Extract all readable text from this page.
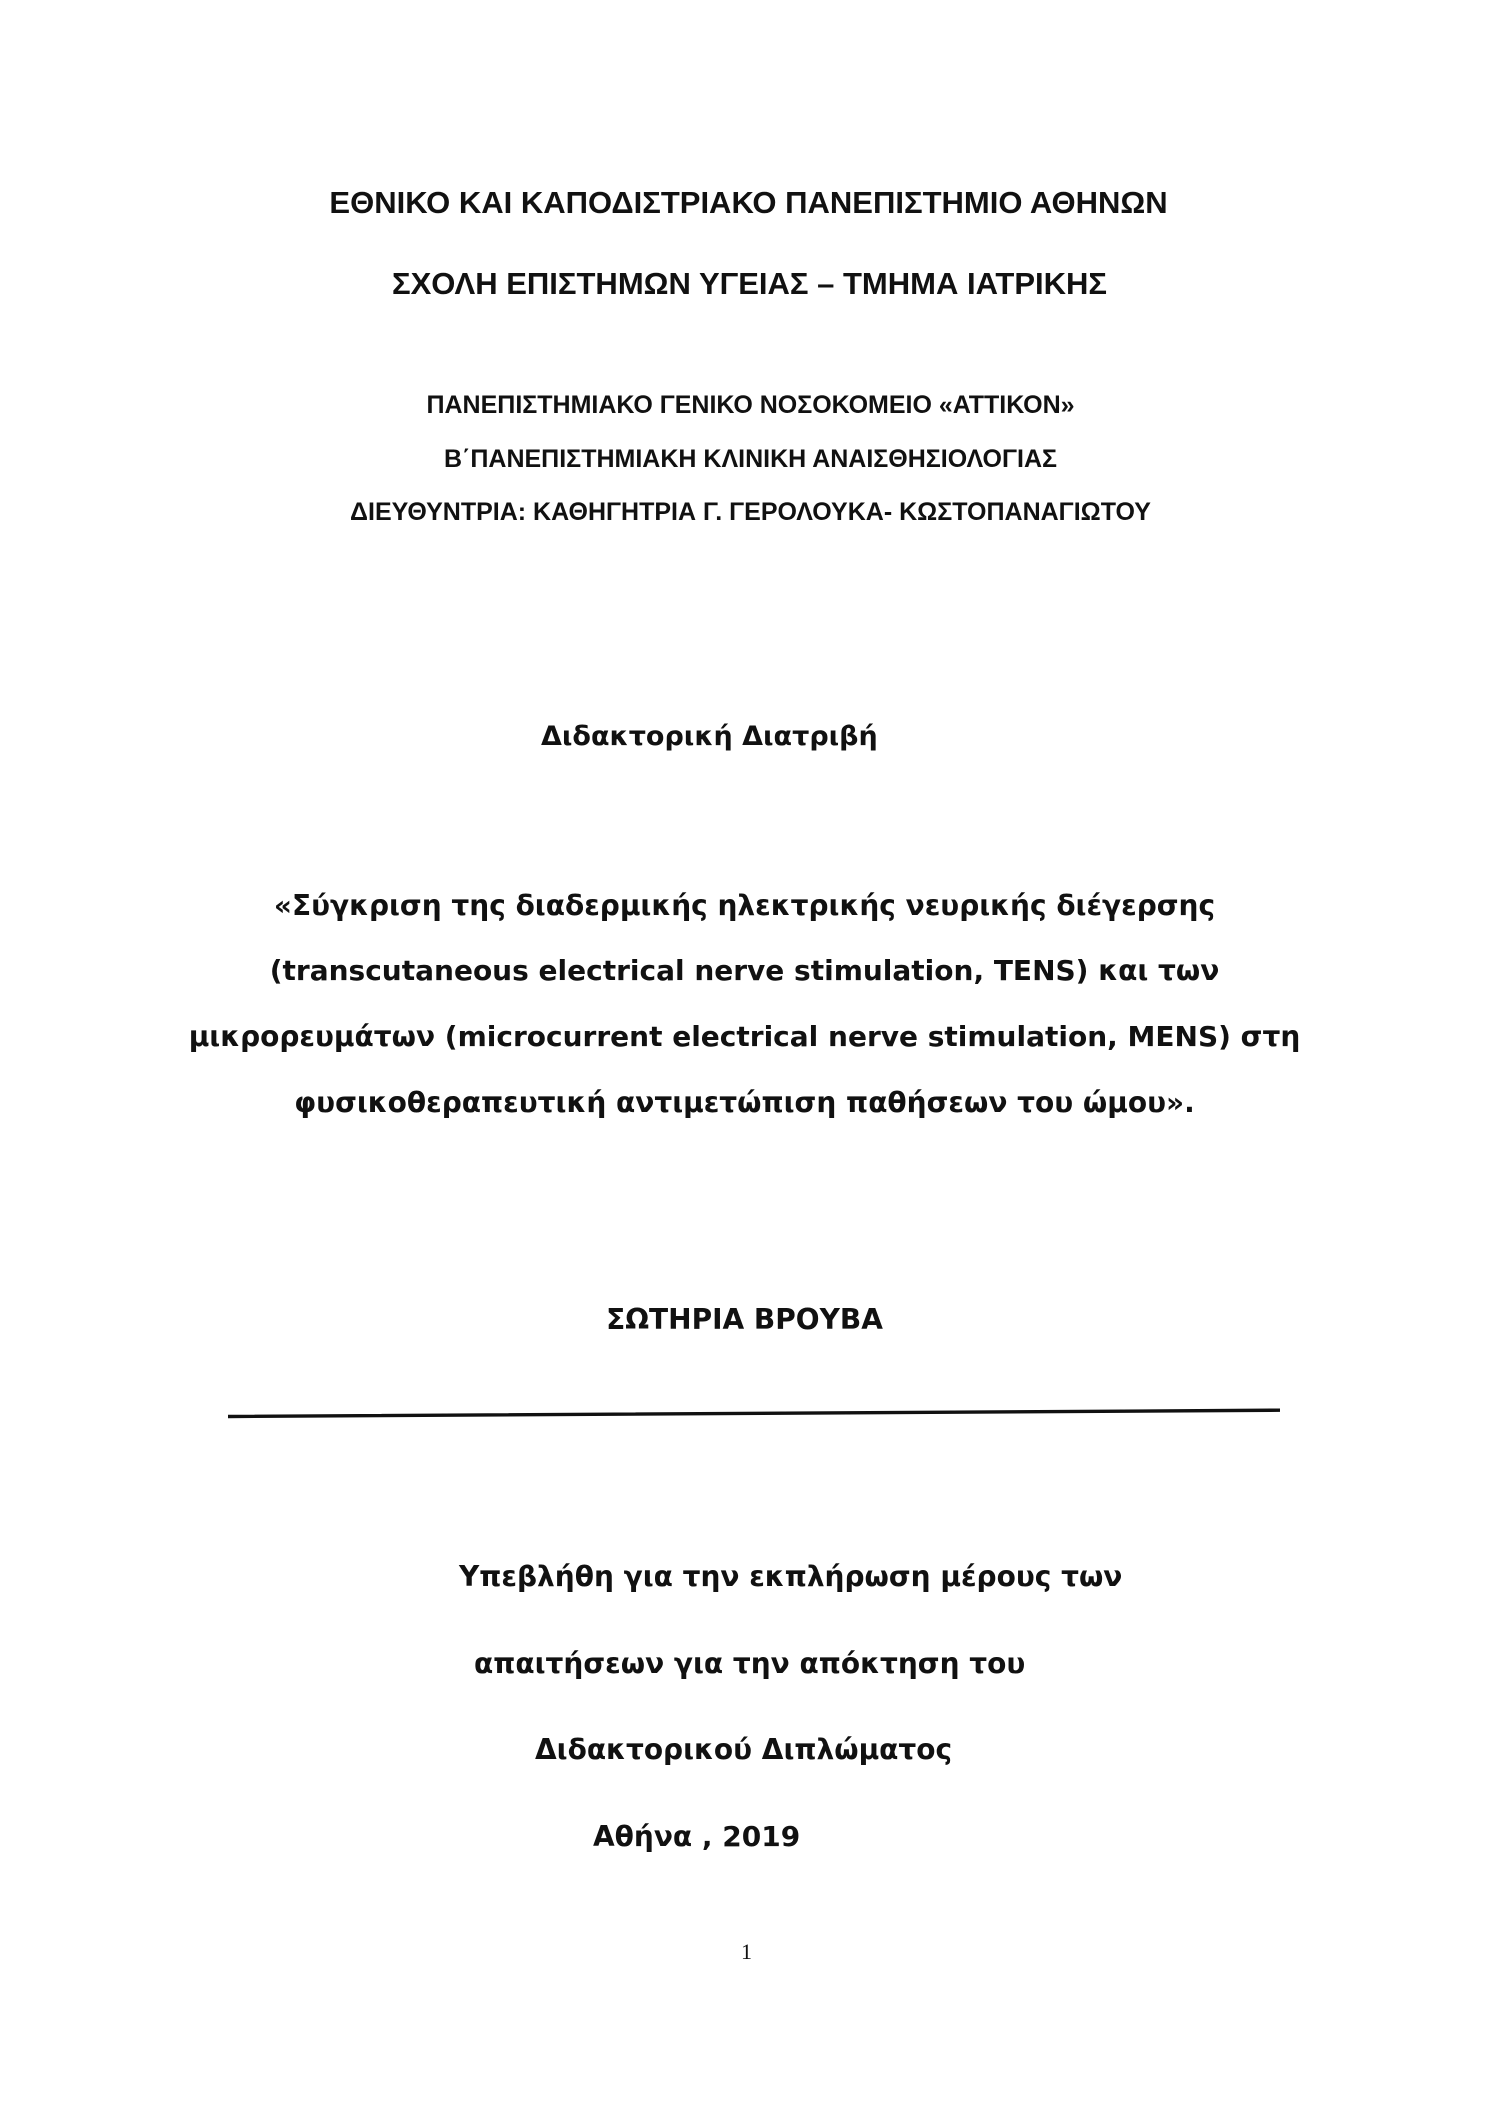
ΕΘΝΙΚΟ ΚΑΙ ΚΑΠΟΔΙΣΤΡΙΑΚΟ ΠΑΝΕΠΙΣΤΗΜΙΟ ΑΘΗΝΩΝ
ΣΧΟΛΗ ΕΠΙΣΤΗΜΩΝ ΥΓΕΙΑΣ – ΤΜΗΜΑ ΙΑΤΡΙΚΗΣ
ΠΑΝΕΠΙΣΤΗΜΙΑΚΟ ΓΕΝΙΚΟ ΝΟΣΟΚΟΜΕΙΟ «ΑΤΤΙΚΟΝ»
Β΄ΠΑΝΕΠΙΣΤΗΜΙΑΚΗ ΚΛΙΝΙΚΗ ΑΝΑΙΣΘΗΣΙΟΛΟΓΙΑΣ
ΔΙΕΥΘΥΝΤΡΙΑ: ΚΑΘΗΓΗΤΡΙΑ Γ. ΓΕΡΟΛΟΥΚΑ- ΚΩΣΤΟΠΑΝΑΓΙΩΤΟΥ
Διδακτορική Διατριβή
«Σύγκριση της διαδερμικής ηλεκτρικής νευρικής διέγερσης
(transcutaneous electrical nerve stimulation, TENS) και των
μικρορευμάτων (microcurrent electrical nerve stimulation, MENS) στη
φυσικοθεραπευτική αντιμετώπιση παθήσεων του ώμου».
ΣΩΤΗΡΙΑ ΒΡΟΥΒΑ
Υπεβλήθη για την εκπλήρωση μέρους των
απαιτήσεων για την απόκτηση του
Διδακτορικού Διπλώματος
Αθήνα , 2019
1
